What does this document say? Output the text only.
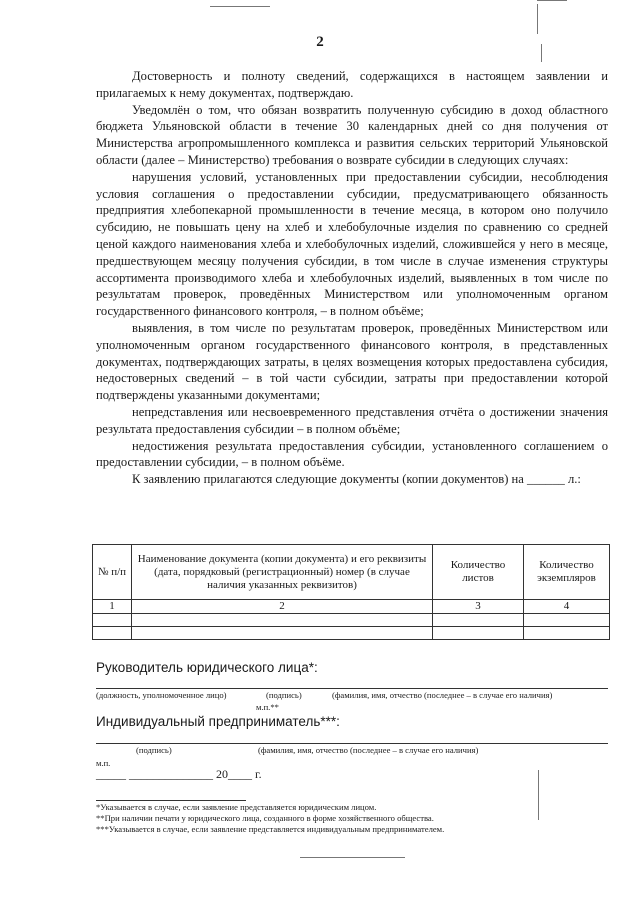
2

Достоверность и полноту сведений, содержащихся в настоящем заявлении и прилагаемых к нему документах, подтверждаю.

Уведомлён о том, что обязан возвратить полученную субсидию в доход областного бюджета Ульяновской области в течение 30 календарных дней со дня получения от Министерства агропромышленного комплекса и развития сельских территорий Ульяновской области (далее – Министерство) требования о возврате субсидии в следующих случаях:

нарушения условий, установленных при предоставлении субсидии, несоблюдения условия соглашения о предоставлении субсидии, предусматривающего обязанность предприятия хлебопекарной промышленности в течение месяца, в котором оно получило субсидию, не повышать цену на хлеб и хлебобулочные изделия по сравнению со средней ценой каждого наименования хлеба и хлебобулочных изделий, сложившейся у него в месяце, предшествующем месяцу получения субсидии, в том числе в случае изменения структуры ассортимента производимого хлеба и хлебобулочных изделий, выявленных в том числе по результатам проверок, проведённых Министерством или уполномоченным органом государственного финансового контроля, – в полном объёме;

выявления, в том числе по результатам проверок, проведённых Министерством или уполномоченным органом государственного финансового контроля, в представленных документах, подтверждающих затраты, в целях возмещения которых предоставлена субсидия, недостоверных сведений – в той части субсидии, затраты при предоставлении которой подтверждены указанными документами;

непредставления или несвоевременного представления отчёта о достижении значения результата предоставления субсидии – в полном объёме;

недостижения результата предоставления субсидии, установленного соглашением о предоставлении субсидии, – в полном объёме.

К заявлению прилагаются следующие документы (копии документов) на ______ л.:

№ п/п	Наименование документа (копии документа) и его реквизиты (дата, порядковый (регистрационный) номер (в случае наличия указанных реквизитов)	Количество листов	Количество экземпляров
1	2	3	4

Руководитель юридического лица*:
(должность, уполномоченное лицо)	(подпись)	(фамилия, имя, отчество (последнее – в случае его наличия)
м.п.**
Индивидуальный предприниматель***:
(подпись)	(фамилия, имя, отчество (последнее – в случае его наличия)
м.п.
_____ ______________ 20____ г.
*Указывается в случае, если заявление представляется юридическим лицом.
**При наличии печати у юридического лица, созданного в форме хозяйственного общества.
***Указывается в случае, если заявление представляется индивидуальным предпринимателем.
